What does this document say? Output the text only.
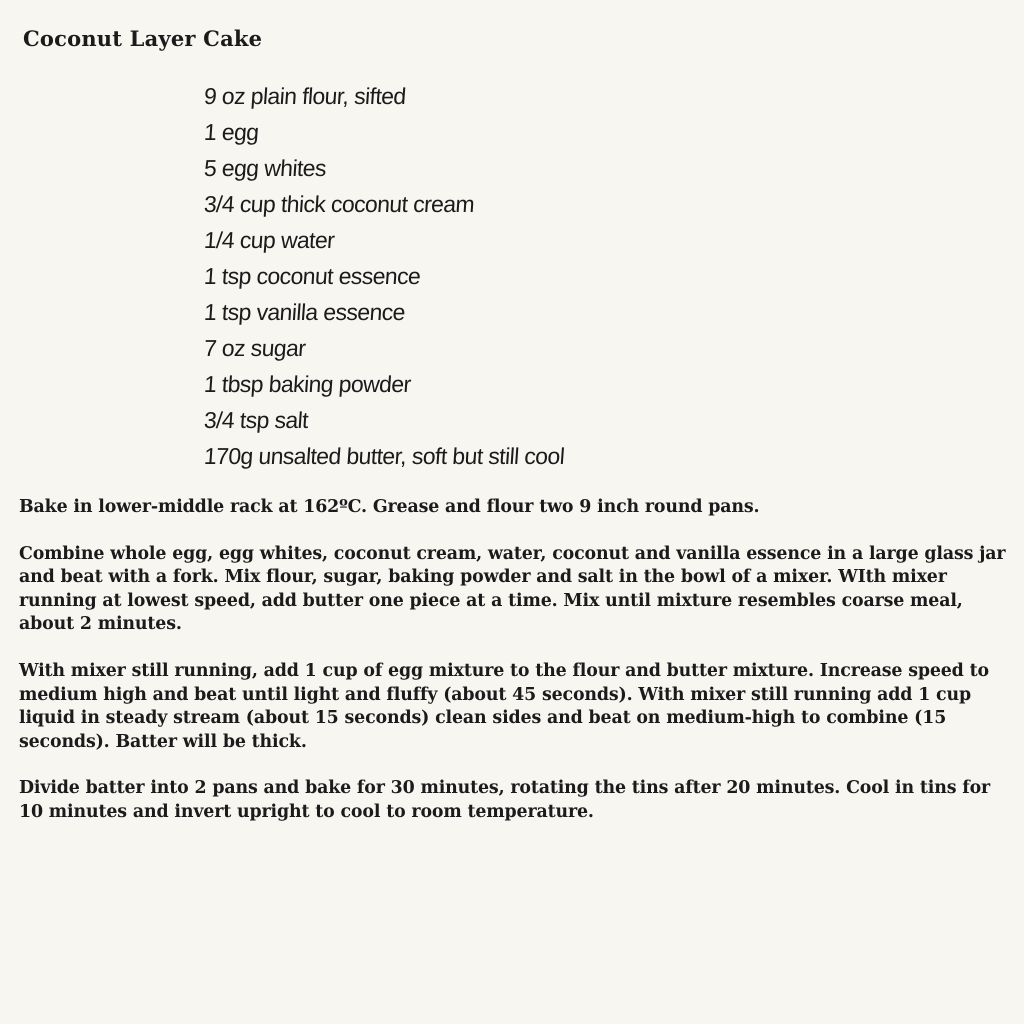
Coconut Layer Cake
9 oz plain flour, sifted
1 egg
5 egg whites
3/4 cup thick coconut cream
1/4 cup water
1 tsp coconut essence
1 tsp vanilla essence
7 oz sugar
1 tbsp baking powder
3/4 tsp salt
170g unsalted butter, soft but still cool

Bake in lower-middle rack at 162ºC. Grease and flour two 9 inch round pans.

Combine whole egg, egg whites, coconut cream, water, coconut and vanilla essence in a large glass jar and beat with a fork. Mix flour, sugar, baking powder and salt in the bowl of a mixer. WIth mixer running at lowest speed, add butter one piece at a time. Mix until mixture resembles coarse meal, about 2 minutes.

With mixer still running, add 1 cup of egg mixture to the flour and butter mixture. Increase speed to medium high and beat until light and fluffy (about 45 seconds). With mixer still running add 1 cup liquid in steady stream (about 15 seconds) clean sides and beat on medium-high to combine (15 seconds). Batter will be thick.

Divide batter into 2 pans and bake for 30 minutes, rotating the tins after 20 minutes. Cool in tins for 10 minutes and invert upright to cool to room temperature.
